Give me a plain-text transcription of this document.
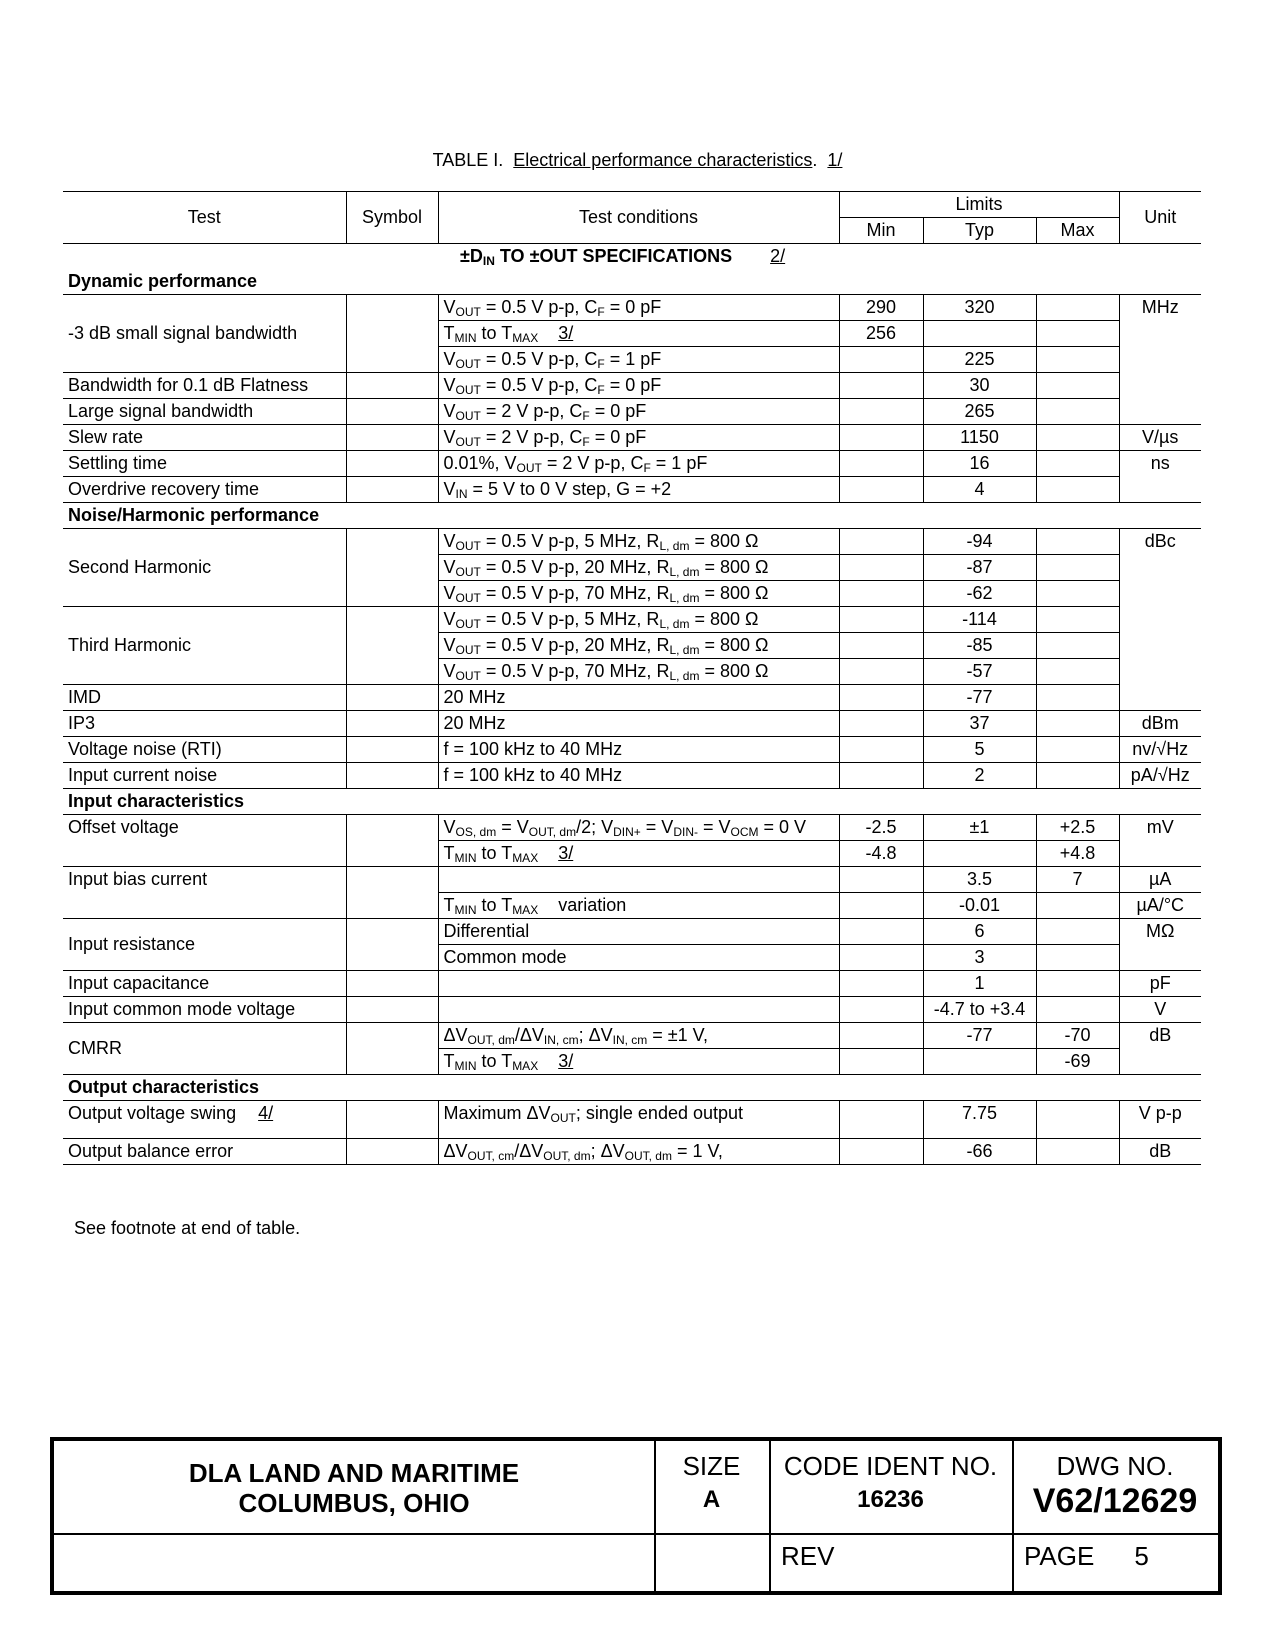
TABLE I. Electrical performance characteristics. 1/
Test	Symbol	Test conditions	Limits			Unit
			Min	Typ	Max	
		$\pm D_{IN}$ TO ±OUT SPECIFICATIONS 2/				
Dynamic performance						
-3 dB small signal bandwidth		$V_{OUT} = 0.5$ V p-p, $C_F = 0$ pF	290	320		MHz
		$T_{MIN}$ to $T_{MAX}$ 3/	256			
		$V_{OUT} = 0.5$ V p-p, $C_F = 1$ pF		225		
Bandwidth for 0.1 dB Flatness		$V_{OUT} = 0.5$ V p-p, $C_F = 0$ pF		30		
Large signal bandwidth		$V_{OUT} = 2$ V p-p, $C_F = 0$ pF		265		
Slew rate		$V_{OUT} = 2$ V p-p, $C_F = 0$ pF		1150		V/µs
Settling time		0.01%, $V_{OUT} = 2$ V p-p, $C_F = 1$ pF		16		ns
Overdrive recovery time		$V_{IN} = 5$ V to 0 V step, G = +2		4		
Noise/Harmonic performance						
Second Harmonic		$V_{OUT} = 0.5$ V p-p, 5 MHz, $R_{L, dm} = 800$ Ω		-94		dBc
		$V_{OUT} = 0.5$ V p-p, 20 MHz, $R_{L, dm} = 800$ Ω		-87		
		$V_{OUT} = 0.5$ V p-p, 70 MHz, $R_{L, dm} = 800$ Ω		-62		
Third Harmonic		$V_{OUT} = 0.5$ V p-p, 5 MHz, $R_{L, dm} = 800$ Ω		-114		
		$V_{OUT} = 0.5$ V p-p, 20 MHz, $R_{L, dm} = 800$ Ω		-85		
		$V_{OUT} = 0.5$ V p-p, 70 MHz, $R_{L, dm} = 800$ Ω		-57		
IMD		20 MHz		-77		
IP3		20 MHz		37		dBm
Voltage noise (RTI)		f = 100 kHz to 40 MHz		5		nv/√Hz
Input current noise		f = 100 kHz to 40 MHz		2		pA/√Hz
Input characteristics						
Offset voltage		$V_{OS, dm} = V_{OUT, dm}/2$; $V_{DIN+} = V_{DIN-} = V_{OCM} = 0$ V	-2.5	±1	+2.5	mV
		$T_{MIN}$ to $T_{MAX}$ 3/	-4.8		+4.8	
Input bias current				3.5	7	µA
		$T_{MIN}$ to $T_{MAX}$ variation		-0.01		µA/°C
Input resistance		Differential		6		MΩ
		Common mode		3		
Input capacitance				1		pF
Input common mode voltage				-4.7 to +3.4		V
CMRR		$\Delta V_{OUT, dm}/\Delta V_{IN, cm}$; $\Delta V_{IN, cm} = \pm 1$ V,		-77	-70	dB
		$T_{MIN}$ to $T_{MAX}$ 3/			-69	
Output characteristics						
Output voltage swing 4/		Maximum $\Delta V_{OUT}$; single ended output		7.75		V p-p
Output balance error		$\Delta V_{OUT, cm}/\Delta V_{OUT, dm}$; $\Delta V_{OUT, dm} = 1$ V,		-66		dB
See footnote at end of table.
DLA LAND AND MARITIME
COLUMBUS, OHIO
SIZE
A
CODE IDENT NO.
16236
REV
DWG NO.
V62/12629
PAGE 5
